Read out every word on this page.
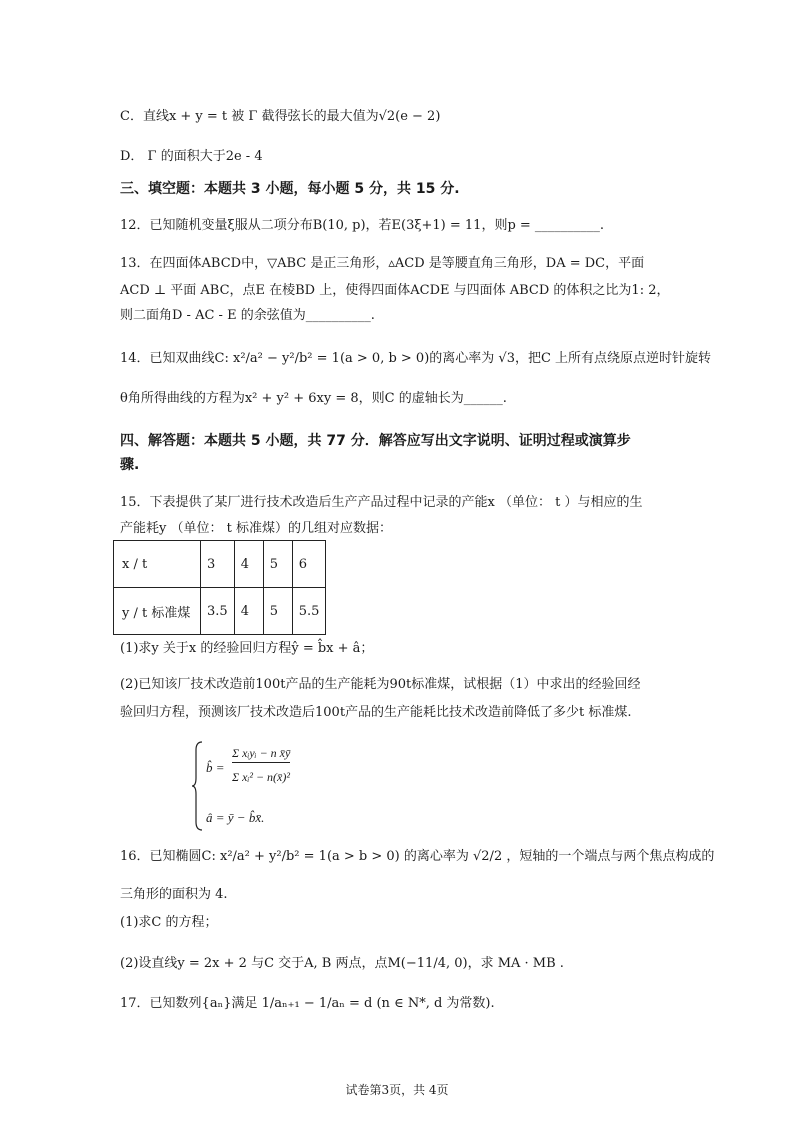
C．直线x + y = t 被 Γ 截得弦长的最大值为√2(e − 2)
D． Γ 的面积大于2e - 4
三、填空题：本题共 3 小题，每小题 5 分，共 15 分.
12．已知随机变量ξ服从二项分布B(10, p)，若E(3ξ+1) = 11，则p = __________.
13．在四面体ABCD中，▽ABC 是正三角形，▵ACD 是等腰直角三角形，DA = DC，平面
ACD ⊥ 平面 ABC，点E 在棱BD 上，使得四面体ACDE 与四面体 ABCD 的体积之比为1: 2，
则二面角D - AC - E 的余弦值为__________.
14．已知双曲线C: x²/a² − y²/b² = 1(a > 0, b > 0)的离心率为 √3，把C 上所有点绕原点逆时针旋转
θ角所得曲线的方程为x² + y² + 6xy = 8，则C 的虚轴长为______.
四、解答题：本题共 5 小题，共 77 分．解答应写出文字说明、证明过程或演算步
骤.
15．下表提供了某厂进行技术改造后生产产品过程中记录的产能x （单位： t ）与相应的生
产能耗y （单位： t 标准煤）的几组对应数据：
x / t	3	4	5	6
y / t 标准煤	3.5	4	5	5.5
(1)求y 关于x 的经验回归方程ŷ = b̂x + â；
(2)已知该厂技术改造前100t产品的生产能耗为90t标准煤，试根据（1）中求出的经验回经
验回归方程，预测该厂技术改造后100t产品的生产能耗比技术改造前降低了多少t 标准煤.
b̂ =
Σ xᵢyᵢ − n x̄ȳ
Σ xᵢ² − n(x̄)²
â = ȳ − b̂x̄.
16．已知椭圆C: x²/a² + y²/b² = 1(a > b > 0) 的离心率为 √2/2 ，短轴的一个端点与两个焦点构成的
三角形的面积为 4.
(1)求C 的方程；
(2)设直线y = 2x + 2 与C 交于A, B 两点，点M(−11/4, 0)，求 MA · MB .
17．已知数列{aₙ}满足 1/aₙ₊₁ − 1/aₙ = d (n ∈ N*, d 为常数).
试卷第3页，共 4页
